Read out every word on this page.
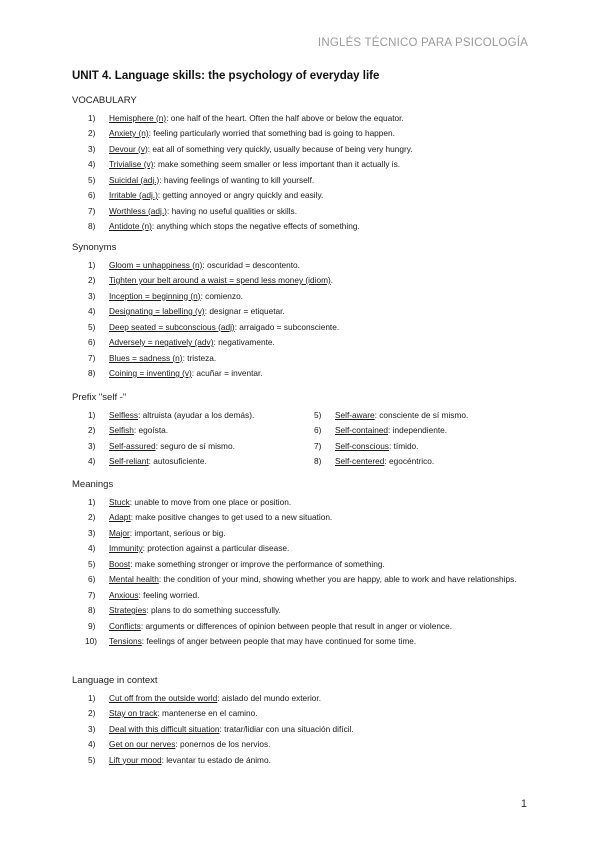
INGLÉS TÉCNICO PARA PSICOLOGÍA
UNIT 4. Language skills: the psychology of everyday life
VOCABULARY
1)	Hemisphere (n): one half of the heart. Often the half above or below the equator.
2)	Anxiety (n): feeling particularly worried that something bad is going to happen.
3)	Devour (v): eat all of something very quickly, usually because of being very hungry.
4)	Trivialise (v): make something seem smaller or less important than it actually is.
5)	Suicidal (adj.): having feelings of wanting to kill yourself.
6)	Irritable (adj.): getting annoyed or angry quickly and easily.
7)	Worthless (adj.): having no useful qualities or skills.
8)	Antidote (n): anything which stops the negative effects of something.
Synonyms
1)	Gloom = unhappiness (n): oscuridad = descontento.
2)	Tighten your belt around a waist = spend less money (idiom).
3)	Inception = beginning (n): comienzo.
4)	Designating = labelling (v): designar = etiquetar.
5)	Deep seated = subconscious (adj): arraigado = subconsciente.
6)	Adversely = negatively (adv): negativamente.
7)	Blues = sadness (n): tristeza.
8)	Coining = inventing (v): acuñar = inventar.
Prefix "self -"
1)	Selfless: altruista (ayudar a los demás).
2)	Selfish: egoísta.
3)	Self-assured: seguro de sí mismo.
4)	Self-reliant: autosuficiente.
5)	Self-aware: consciente de sí mismo.
6)	Self-contained: independiente.
7)	Self-conscious: tímido.
8)	Self-centered: egocéntrico.
Meanings
1)	Stuck: unable to move from one place or position.
2)	Adapt: make positive changes to get used to a new situation.
3)	Major: important, serious or big.
4)	Immunity: protection against a particular disease.
5)	Boost: make something stronger or improve the performance of something.
6)	Mental health: the condition of your mind, showing whether you are happy, able to work and have relationships.
7)	Anxious: feeling worried.
8)	Strategies: plans to do something successfully.
9)	Conflicts: arguments or differences of opinion between people that result in anger or violence.
10)	Tensions: feelings of anger between people that may have continued for some time.
Language in context
1)	Cut off from the outside world: aislado del mundo exterior.
2)	Stay on track: mantenerse en el camino.
3)	Deal with this difficult situation: tratar/lidiar con una situación difícil.
4)	Get on our nerves: ponernos de los nervios.
5)	Lift your mood: levantar tu estado de ánimo.
1
